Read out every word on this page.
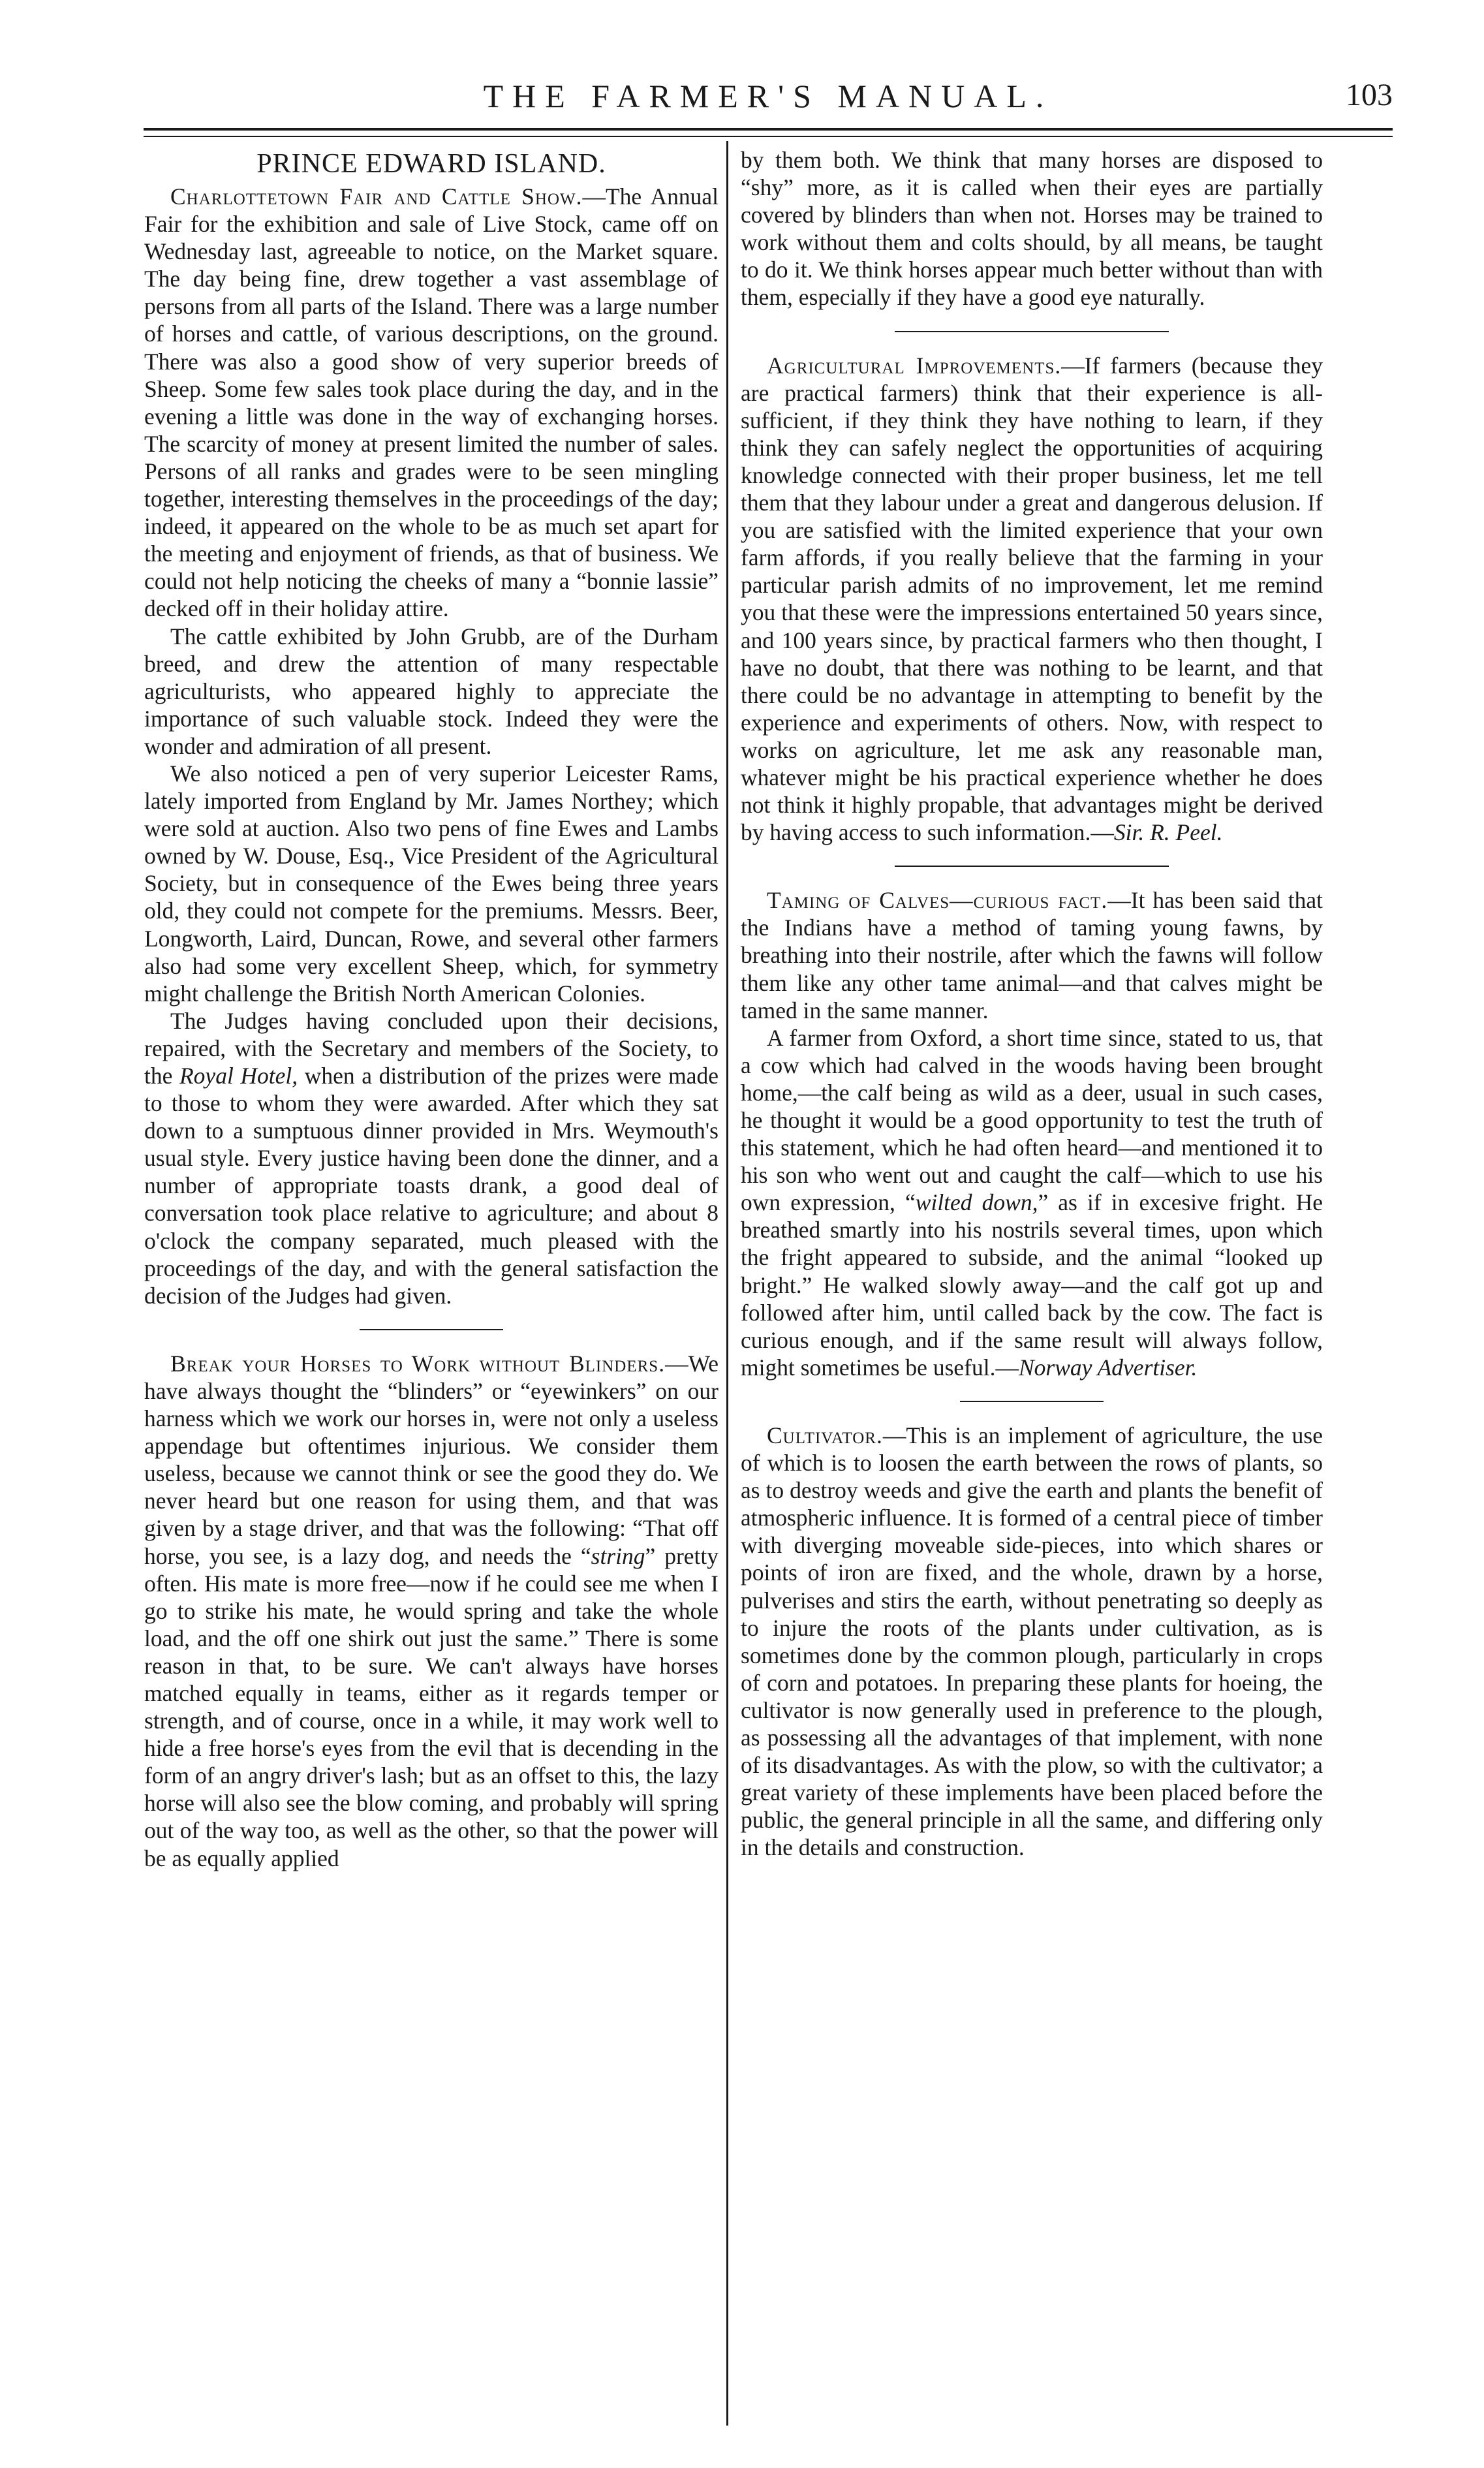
THE FARMER'S MANUAL.	103
PRINCE EDWARD ISLAND.

Charlottetown Fair and Cattle Show.—The Annual Fair for the exhibition and sale of Live Stock, came off on Wednesday last, agreeable to notice, on the Market square. The day being fine, drew together a vast assemblage of persons from all parts of the Island. There was a large number of horses and cattle, of various descriptions, on the ground. There was also a good show of very superior breeds of Sheep. Some few sales took place during the day, and in the evening a little was done in the way of exchanging horses. The scarcity of money at present limited the number of sales. Persons of all ranks and grades were to be seen mingling together, interesting themselves in the proceedings of the day; indeed, it appeared on the whole to be as much set apart for the meeting and enjoyment of friends, as that of business. We could not help noticing the cheeks of many a “bonnie lassie” decked off in their holiday attire.

The cattle exhibited by John Grubb, are of the Durham breed, and drew the attention of many respectable agriculturists, who appeared highly to appreciate the importance of such valuable stock. Indeed they were the wonder and admiration of all present.

We also noticed a pen of very superior Leicester Rams, lately imported from England by Mr. James Northey; which were sold at auction. Also two pens of fine Ewes and Lambs owned by W. Douse, Esq., Vice President of the Agricultural Society, but in consequence of the Ewes being three years old, they could not compete for the premiums. Messrs. Beer, Longworth, Laird, Duncan, Rowe, and several other farmers also had some very excellent Sheep, which, for symmetry might challenge the British North American Colonies.

The Judges having concluded upon their decisions, repaired, with the Secretary and members of the Society, to the Royal Hotel, when a distribution of the prizes were made to those to whom they were awarded. After which they sat down to a sumptuous dinner provided in Mrs. Weymouth's usual style. Every justice having been done the dinner, and a number of appropriate toasts drank, a good deal of conversation took place relative to agriculture; and about 8 o'clock the company separated, much pleased with the proceedings of the day, and with the general satisfaction the decision of the Judges had given.

Break your Horses to Work without Blinders.—We have always thought the “blinders” or “eyewinkers” on our harness which we work our horses in, were not only a useless appendage but oftentimes injurious. We consider them useless, because we cannot think or see the good they do. We never heard but one reason for using them, and that was given by a stage driver, and that was the following: “That off horse, you see, is a lazy dog, and needs the “string” pretty often. His mate is more free—now if he could see me when I go to strike his mate, he would spring and take the whole load, and the off one shirk out just the same.” There is some reason in that, to be sure. We can't always have horses matched equally in teams, either as it regards temper or strength, and of course, once in a while, it may work well to hide a free horse's eyes from the evil that is decending in the form of an angry driver's lash; but as an offset to this, the lazy horse will also see the blow coming, and probably will spring out of the way too, as well as the other, so that the power will be as equally applied

by them both. We think that many horses are disposed to “shy” more, as it is called when their eyes are partially covered by blinders than when not. Horses may be trained to work without them and colts should, by all means, be taught to do it. We think horses appear much better without than with them, especially if they have a good eye naturally.

Agricultural Improvements.—If farmers (because they are practical farmers) think that their experience is all-sufficient, if they think they have nothing to learn, if they think they can safely neglect the opportunities of acquiring knowledge connected with their proper business, let me tell them that they labour under a great and dangerous delusion. If you are satisfied with the limited experience that your own farm affords, if you really believe that the farming in your particular parish admits of no improvement, let me remind you that these were the impressions entertained 50 years since, and 100 years since, by practical farmers who then thought, I have no doubt, that there was nothing to be learnt, and that there could be no advantage in attempting to benefit by the experience and experiments of others. Now, with respect to works on agriculture, let me ask any reasonable man, whatever might be his practical experience whether he does not think it highly propable, that advantages might be derived by having access to such information.—Sir. R. Peel.

Taming of Calves—curious fact.—It has been said that the Indians have a method of taming young fawns, by breathing into their nostrile, after which the fawns will follow them like any other tame animal—and that calves might be tamed in the same manner.

A farmer from Oxford, a short time since, stated to us, that a cow which had calved in the woods having been brought home,—the calf being as wild as a deer, usual in such cases, he thought it would be a good opportunity to test the truth of this statement, which he had often heard—and mentioned it to his son who went out and caught the calf—which to use his own expression, “wilted down,” as if in excesive fright. He breathed smartly into his nostrils several times, upon which the fright appeared to subside, and the animal “looked up bright.” He walked slowly away—and the calf got up and followed after him, until called back by the cow. The fact is curious enough, and if the same result will always follow, might sometimes be useful.—Norway Advertiser.

Cultivator.—This is an implement of agriculture, the use of which is to loosen the earth between the rows of plants, so as to destroy weeds and give the earth and plants the benefit of atmospheric influence. It is formed of a central piece of timber with diverging moveable side-pieces, into which shares or points of iron are fixed, and the whole, drawn by a horse, pulverises and stirs the earth, without penetrating so deeply as to injure the roots of the plants under cultivation, as is sometimes done by the common plough, particularly in crops of corn and potatoes. In preparing these plants for hoeing, the cultivator is now generally used in preference to the plough, as possessing all the advantages of that implement, with none of its disadvantages. As with the plow, so with the cultivator; a great variety of these implements have been placed before the public, the general principle in all the same, and differing only in the details and construction.
